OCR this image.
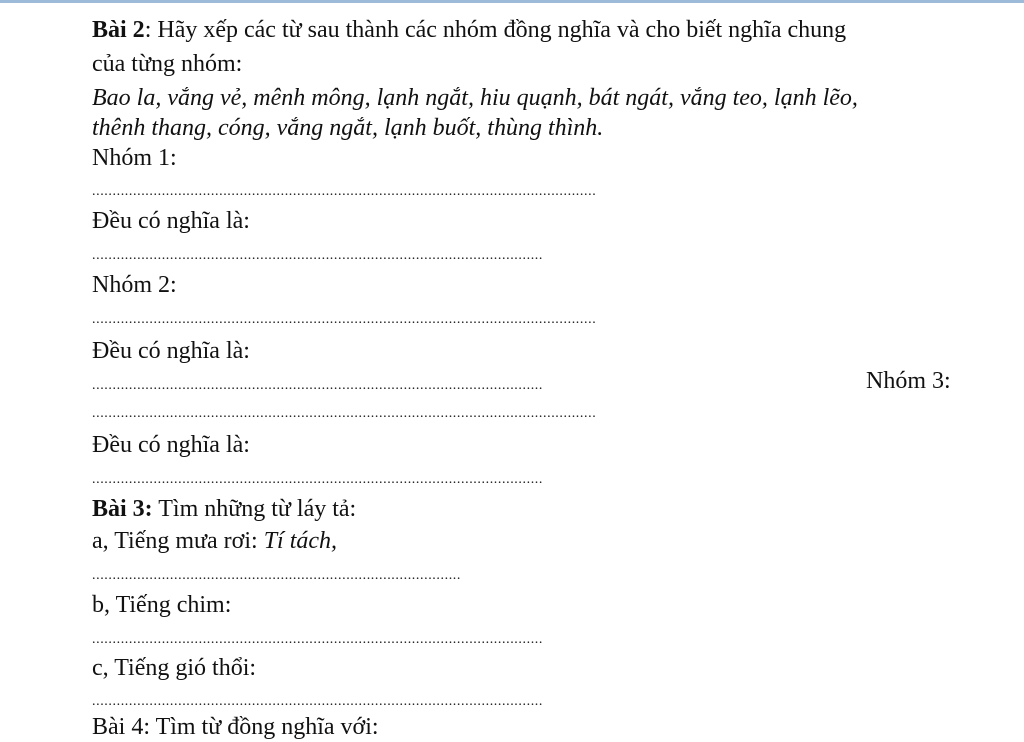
Bài 2: Hãy xếp các từ sau thành các nhóm đồng nghĩa và cho biết nghĩa chung
của từng nhóm:
Bao la, vắng vẻ, mênh mông, lạnh ngắt, hiu quạnh, bát ngát, vắng teo, lạnh lẽo,
thênh thang, cóng, vắng ngắt, lạnh buốt, thùng thình.
Nhóm 1:
...........................................................................................................................
Đều có nghĩa là:
..............................................................................................................
Nhóm 2:
...........................................................................................................................
Đều có nghĩa là:
..............................................................................................................	Nhóm 3:
...........................................................................................................................
Đều có nghĩa là:
..............................................................................................................
Bài 3: Tìm những từ láy tả:
a, Tiếng mưa rơi: Tí tách,
..........................................................................................
b, Tiếng chim:
..............................................................................................................
c, Tiếng gió thổi:
..............................................................................................................
Bài 4: Tìm từ đồng nghĩa với:
